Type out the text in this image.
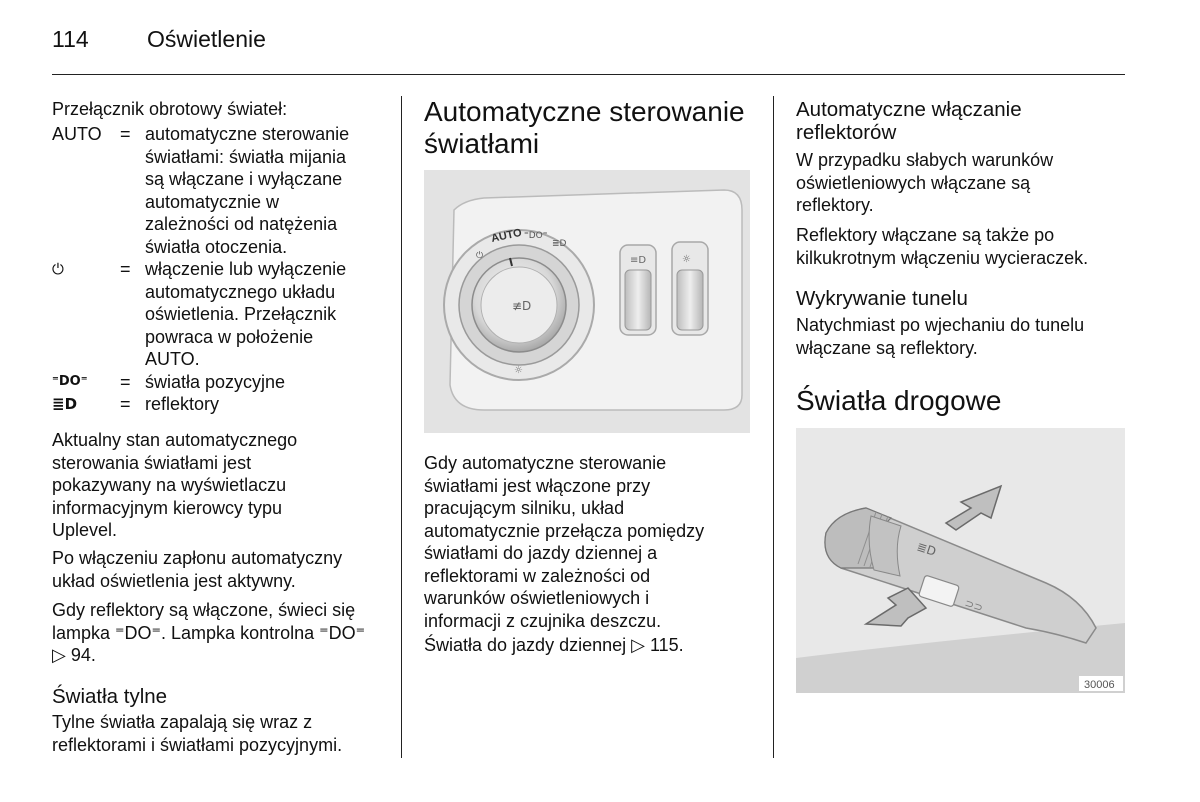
114	Oświetlenie

Przełącznik obrotowy świateł:

AUTO	= automatyczne sterowanie
światłami: światła mijania
są włączane i wyłączane
automatycznie w
zależności od natężenia
światła otoczenia.
⏻	= włączenie lub wyłączenie
automatycznego układu
oświetlenia. Przełącznik
powraca w położenie
AUTO.
⁼DO⁼	= światła pozycyjne
≣D	= reflektory
Aktualny stan automatycznego
sterowania światłami jest
pokazywany na wyświetlaczu
informacyjnym kierowcy typu
Uplevel.
Po włączeniu zapłonu automatyczny
układ oświetlenia jest aktywny.
Gdy reflektory są włączone, świeci się
lampka ⁼DO⁼. Lampka kontrolna ⁼DO⁼
▷ 94.
Światła tylne
Tylne światła zapalają się wraz z
reflektorami i światłami pozycyjnymi.
Automatyczne sterowanie
światłami
AUTO ⁼DO⁼
≣D
⏻
☼
≢D
≡D	☼
Gdy automatyczne sterowanie
światłami jest włączone przy
pracującym silniku, układ
automatycznie przełącza pomiędzy
światłami do jazdy dziennej a
reflektorami w zależności od
warunków oświetleniowych i
informacji z czujnika deszczu.
Światła do jazdy dziennej ▷ 115.
Automatyczne włączanie
reflektorów
W przypadku słabych warunków
oświetleniowych włączane są
reflektory.
Reflektory włączane są także po
kilkukrotnym włączeniu wycieraczek.
Wykrywanie tunelu
Natychmiast po wjechaniu do tunelu
włączane są reflektory.
Światła drogowe
≣D
⊃⊃
30006
